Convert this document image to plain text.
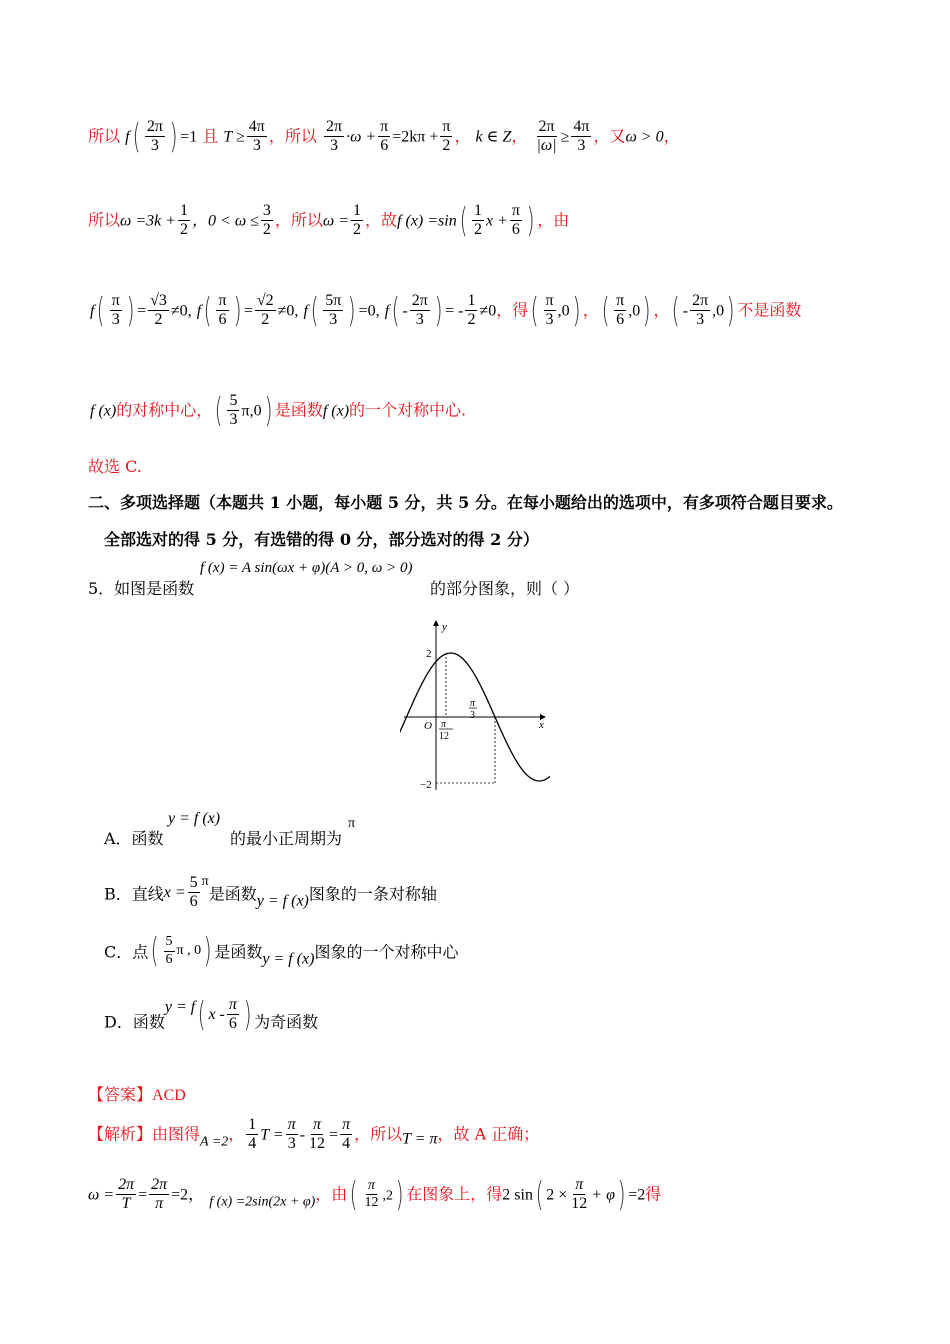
所以 $f( \frac{2\pi}{3}$ ) =1 且 $T \ge \frac{4\pi}{3}$ ，所以 $\frac{2\pi}{3} \cdot\omega + \frac{\pi}{6} =2k\pi + \frac{\pi}{2}$ ， k ∈ Z， $\frac{2\pi}{|\omega|} \ge \frac{4\pi}{3}$ ，又ω > 0，
所以$\omega =3k + \frac{1}{2}$ ，$0 < \omega \le \frac{3}{2}$ ，所以$\omega = \frac{1}{2}$ ，故f $(x) =\sin( \frac{1}{2}$ $x + \frac{\pi}{6}$ ) ，由
$f( \frac{\pi}{3}$ ) = $\frac{√3}{2} \ne 0$, $f( \frac{\pi}{6}$ ) = $\frac{√2}{2} \ne 0$, $f( \frac{5\pi}{3}$ ) =0, $f( - \frac{2\pi}{3}$ ) = - $\frac{1}{2} \ne 0$，得( $\frac{\pi}{3} ,0$) ，( $\frac{\pi}{6} ,0$) ，( - $\frac{2\pi}{3} ,0$) 不是函数
f (x)的对称中心，( $\frac{5}{3} \pi,0$) 是函数f (x)的一个对称中心.
故选 C.
二、多项选择题（本题共 1 小题，每小题 5 分，共 5 分。在每小题给出的选项中，有多项符合题目要求。
全部选对的得 5 分，有选错的得 0 分，部分选对的得 2 分）
5．如图是函数
f (x) = A sin(ωx + φ)(A > 0, ω > 0)
的部分图象，则（ ）
y
x
O
2
−2
π
12
π
3
A．函数
y = f (x)
的最小正周期为
π
B．直线$x = \frac{5}{6}$ π是函数y = f (x)图象的一条对称轴
C．点( $\frac{5}{6}$ π , 0) 是函数y = f (x)图象的一个对称中心
D．函数y = f( x - $\frac{\pi}{6}$ ) 为奇函数
【答案】ACD
【解析】由图得A =2， $\frac{1}{4}$ $T = \frac{\pi}{3} - \frac{\pi}{12} = \frac{\pi}{4}$ ，所以T = π，故 A 正确；
$\omega = \frac{2\pi}{T} = \frac{2\pi}{\pi} =2$， f (x) =2sin(2x + φ)，由( $\frac{\pi}{12} ,2$) 在图象上，得2 sin( $2 \times \frac{\pi}{12} + \varphi) =2$得
